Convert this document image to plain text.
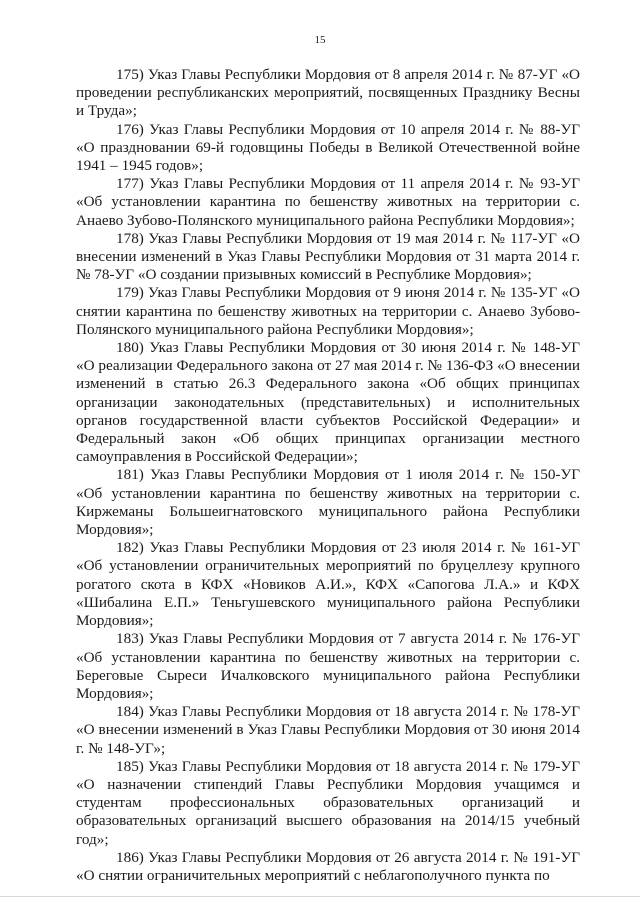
15

175) Указ Главы Республики Мордовия от 8 апреля 2014 г. № 87-УГ «О проведении республиканских мероприятий, посвященных Празднику Весны и Труда»;

176) Указ Главы Республики Мордовия от 10 апреля 2014 г. № 88-УГ «О праздновании 69-й годовщины Победы в Великой Отечественной войне 1941 – 1945 годов»;

177) Указ Главы Республики Мордовия от 11 апреля 2014 г. № 93-УГ «Об установлении карантина по бешенству животных на территории с. Анаево Зубово-Полянского муниципального района Республики Мордовия»;

178) Указ Главы Республики Мордовия от 19 мая 2014 г. № 117-УГ «О внесении изменений в Указ Главы Республики Мордовия от 31 марта 2014 г. № 78-УГ «О создании призывных комиссий в Республике Мордовия»;

179) Указ Главы Республики Мордовия от 9 июня 2014 г. № 135-УГ «О снятии карантина по бешенству животных на территории с. Анаево Зубово-Полянского муниципального района Республики Мордовия»;

180) Указ Главы Республики Мордовия от 30 июня 2014 г. № 148-УГ «О реализации Федерального закона от 27 мая 2014 г. № 136-ФЗ «О внесении изменений в статью 26.3 Федерального закона «Об общих принципах организации законодательных (представительных) и исполнительных органов государственной власти субъектов Российской Федерации» и Федеральный закон «Об общих принципах организации местного самоуправления в Российской Федерации»;

181) Указ Главы Республики Мордовия от 1 июля 2014 г. № 150-УГ «Об установлении карантина по бешенству животных на территории с. Киржеманы Большеигнатовского муниципального района Республики Мордовия»;

182) Указ Главы Республики Мордовия от 23 июля 2014 г. № 161-УГ «Об установлении ограничительных мероприятий по бруцеллезу крупного рогатого скота в КФХ «Новиков А.И.», КФХ «Сапогова Л.А.» и КФХ «Шибалина Е.П.» Теньгушевского муниципального района Республики Мордовия»;

183) Указ Главы Республики Мордовия от 7 августа 2014 г. № 176-УГ «Об установлении карантина по бешенству животных на территории с. Береговые Сыреси Ичалковского муниципального района Республики Мордовия»;

184) Указ Главы Республики Мордовия от 18 августа 2014 г. № 178-УГ «О внесении изменений в Указ Главы Республики Мордовия от 30 июня 2014 г. № 148-УГ»;

185) Указ Главы Республики Мордовия от 18 августа 2014 г. № 179-УГ «О назначении стипендий Главы Республики Мордовия учащимся и студентам профессиональных образовательных организаций и образовательных организаций высшего образования на 2014/15 учебный год»;

186) Указ Главы Республики Мордовия от 26 августа 2014 г. № 191-УГ «О снятии ограничительных мероприятий с неблагополучного пункта по
